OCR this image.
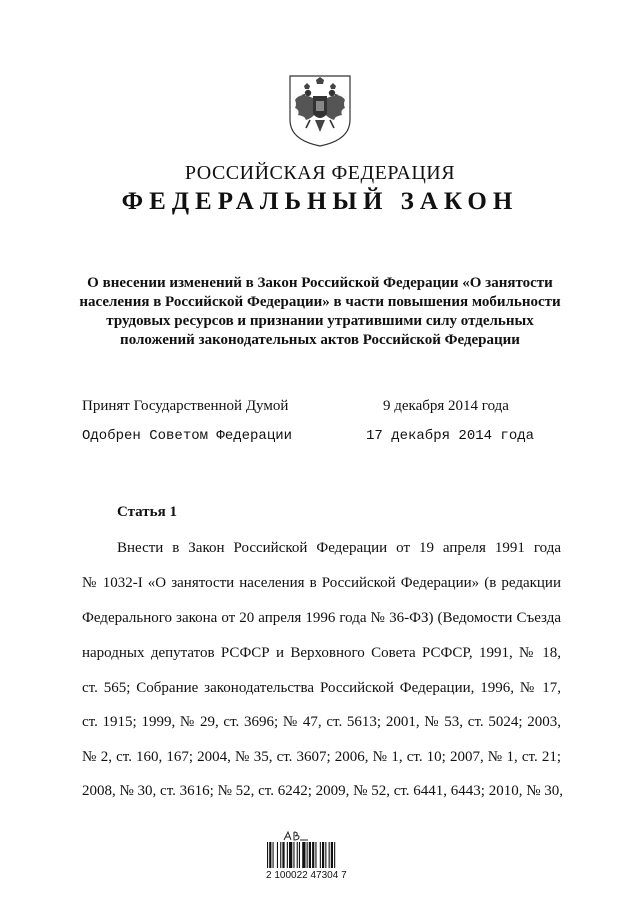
РОССИЙСКАЯ ФЕДЕРАЦИЯ
ФЕДЕРАЛЬНЫЙ ЗАКОН
О внесении изменений в Закон Российской Федерации «О занятости
населения в Российской Федерации» в части повышения мобильности
трудовых ресурсов и признании утратившими силу отдельных
положений законодательных актов Российской Федерации
Принят Государственной Думой	9 декабря 2014 года
Одобрен Советом Федерации	17 декабря 2014 года
Статья 1
Внести в Закон Российской Федерации от 19 апреля 1991 года
№ 1032-I «О занятости населения в Российской Федерации» (в редакции
Федерального закона от 20 апреля 1996 года № 36-ФЗ) (Ведомости Съезда
народных депутатов РСФСР и Верховного Совета РСФСР, 1991, № 18,
ст. 565; Собрание законодательства Российской Федерации, 1996, № 17,
ст. 1915; 1999, № 29, ст. 3696; № 47, ст. 5613; 2001, № 53, ст. 5024; 2003,
№ 2, ст. 160, 167; 2004, № 35, ст. 3607; 2006, № 1, ст. 10; 2007, № 1, ст. 21;
2008, № 30, ст. 3616; № 52, ст. 6242; 2009, № 52, ст. 6441, 6443; 2010, № 30,
2 100022 47304 7
